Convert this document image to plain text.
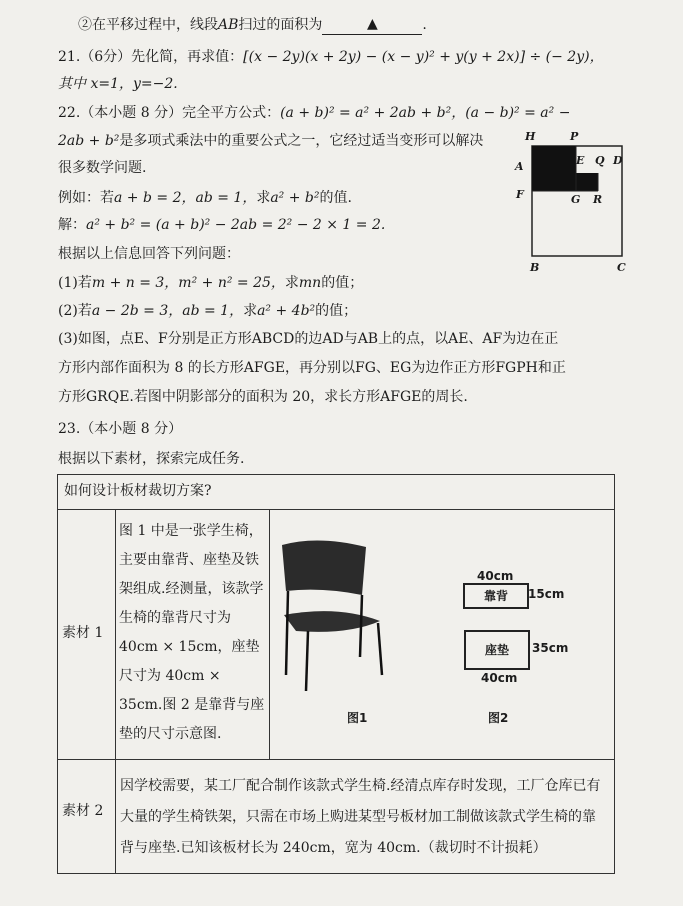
②在平移过程中，线段AB扫过的面积为	▲	.
21.（6分）先化简，再求值：[(x − 2y)(x + 2y) − (x − y)² + y(y + 2x)] ÷ (− 2y)，
其中 x=1，y=−2.
22.（本小题 8 分）完全平方公式：(a + b)² = a² + 2ab + b²，(a − b)² = a² −
2ab + b²是多项式乘法中的重要公式之一，它经过适当变形可以解决
很多数学问题.
例如：若a + b = 2，ab = 1，求a² + b²的值.
解：a² + b² = (a + b)² − 2ab = 2² − 2 × 1 = 2.
根据以上信息回答下列问题：
(1)若m + n = 3，m² + n² = 25，求mn的值；
(2)若a − 2b = 3，ab = 1，求a² + 4b²的值；
(3)如图，点E、F分别是正方形ABCD的边AD与AB上的点，以AE、AF为边在正
方形内部作面积为 8 的长方形AFGE，再分别以FG、EG为边作正方形FGPH和正
方形GRQE.若图中阴影部分的面积为 20，求长方形AFGE的周长.
23.（本小题 8 分）
根据以下素材，探索完成任务.
H	P
A	E Q D
F	G R
B	C
如何设计板材裁切方案?
素材 1
图 1 中是一张学生椅，主要由靠背、座垫及铁架组成.经测量，该款学生椅的靠背尺寸为 40cm × 15cm，座垫尺寸为 40cm × 35cm.图 2 是靠背与座垫的尺寸示意图.
图1
40cm
靠背	15cm
座垫	35cm
40cm
图2
素材 2
因学校需要，某工厂配合制作该款式学生椅.经清点库存时发现，工厂仓库已有大量的学生椅铁架，只需在市场上购进某型号板材加工制做该款式学生椅的靠背与座垫.已知该板材长为 240cm，宽为 40cm.（裁切时不计损耗）
